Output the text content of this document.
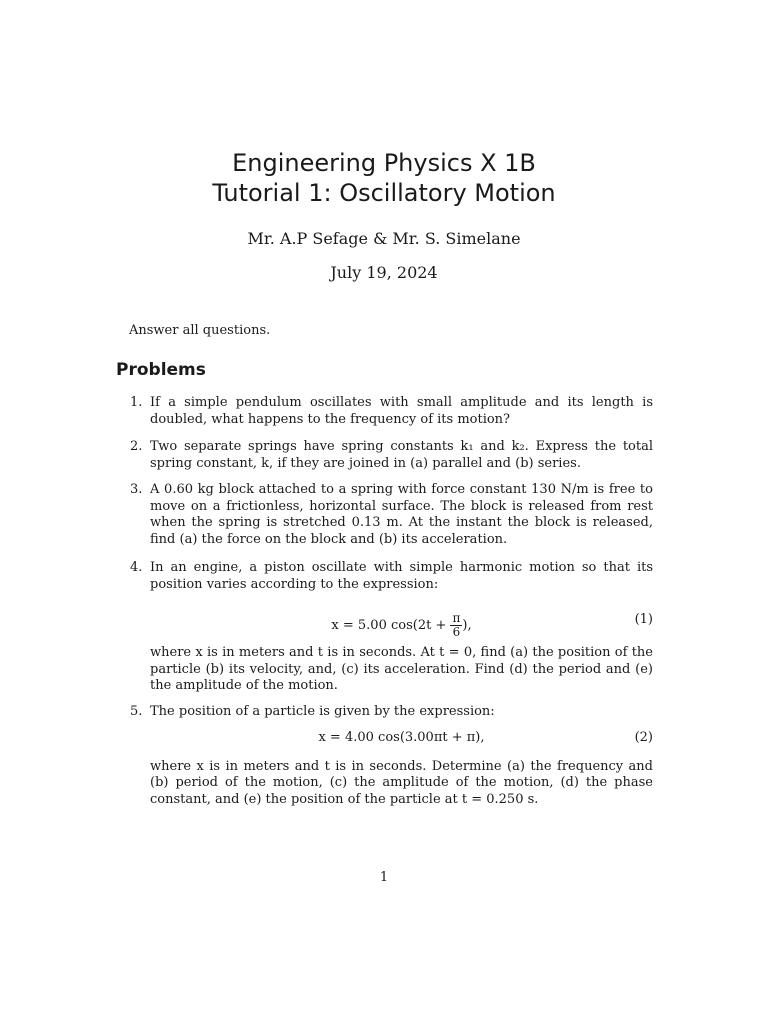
Engineering Physics X 1B
Tutorial 1: Oscillatory Motion
Mr. A.P Sefage & Mr. S. Simelane
July 19, 2024
Answer all questions.
Problems
1. If a simple pendulum oscillates with small amplitude and its length is doubled, what happens to the frequency of its motion?
2. Two separate springs have spring constants k₁ and k₂. Express the total spring constant, k, if they are joined in (a) parallel and (b) series.
3. A 0.60 kg block attached to a spring with force constant 130 N/m is free to move on a frictionless, horizontal surface. The block is released from rest when the spring is stretched 0.13 m. At the instant the block is released, find (a) the force on the block and (b) its acceleration.
4. In an engine, a piston oscillate with simple harmonic motion so that its position varies according to the expression:
x = 5.00 $\cos(2t + \frac{\pi}{6}$ ),	(1)
where x is in meters and t is in seconds. At t = 0, find (a) the position of the particle (b) its velocity, and, (c) its acceleration. Find (d) the period and (e) the amplitude of the motion.
5. The position of a particle is given by the expression:
x = 4.00 cos(3.00πt + π),	(2)
where x is in meters and t is in seconds. Determine (a) the frequency and (b) period of the motion, (c) the amplitude of the motion, (d) the phase constant, and (e) the position of the particle at t = 0.250 s.
1
